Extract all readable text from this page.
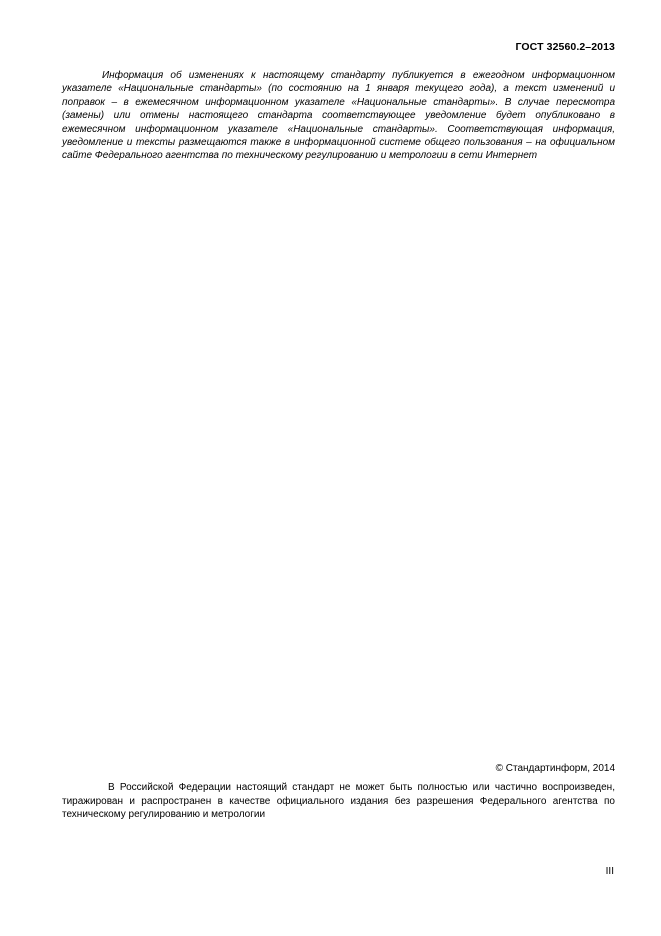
ГОСТ 32560.2–2013

Информация об изменениях к настоящему стандарту публикуется в ежегодном информационном указателе «Национальные стандарты» (по состоянию на 1 января текущего года), а текст изменений и поправок – в ежемесячном информационном указателе «Национальные стандарты». В случае пересмотра (замены) или отмены настоящего стандарта соответствующее уведомление будет опубликовано в ежемесячном информационном указателе «Национальные стандарты». Соответствующая информация, уведомление и тексты размещаются также в информационной системе общего пользования – на официальном сайте Федерального агентства по техническому регулированию и метрологии в сети Интернет

© Стандартинформ, 2014

В Российской Федерации настоящий стандарт не может быть полностью или частично воспроизведен, тиражирован и распространен в качестве официального издания без разрешения Федерального агентства по техническому регулированию и метрологии

III
